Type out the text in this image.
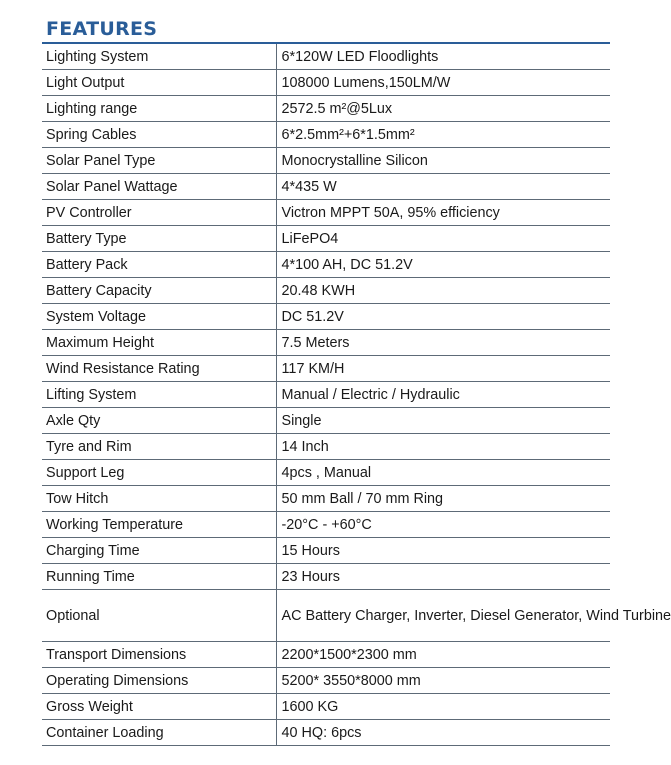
FEATURES
Lighting System	6*120W LED Floodlights
Light Output	108000 Lumens,150LM/W
Lighting range	2572.5 m²@5Lux
Spring Cables	6*2.5mm²+6*1.5mm²
Solar Panel Type	Monocrystalline Silicon
Solar Panel Wattage	4*435 W
PV Controller	Victron MPPT 50A, 95% efficiency
Battery Type	LiFePO4
Battery Pack	4*100 AH, DC 51.2V
Battery Capacity	20.48 KWH
System Voltage	DC 51.2V
Maximum Height	7.5 Meters
Wind Resistance Rating	117 KM/H
Lifting System	Manual / Electric / Hydraulic
Axle Qty	Single
Tyre and Rim	14 Inch
Support Leg	4pcs , Manual
Tow Hitch	50 mm Ball / 70 mm Ring
Working Temperature	-20°C - +60°C
Charging Time	15 Hours
Running Time	23 Hours
Optional	AC Battery Charger, Inverter, Diesel Generator, Wind Turbine
Transport Dimensions	2200*1500*2300 mm
Operating Dimensions	5200* 3550*8000 mm
Gross Weight	1600 KG
Container Loading	40 HQ: 6pcs
